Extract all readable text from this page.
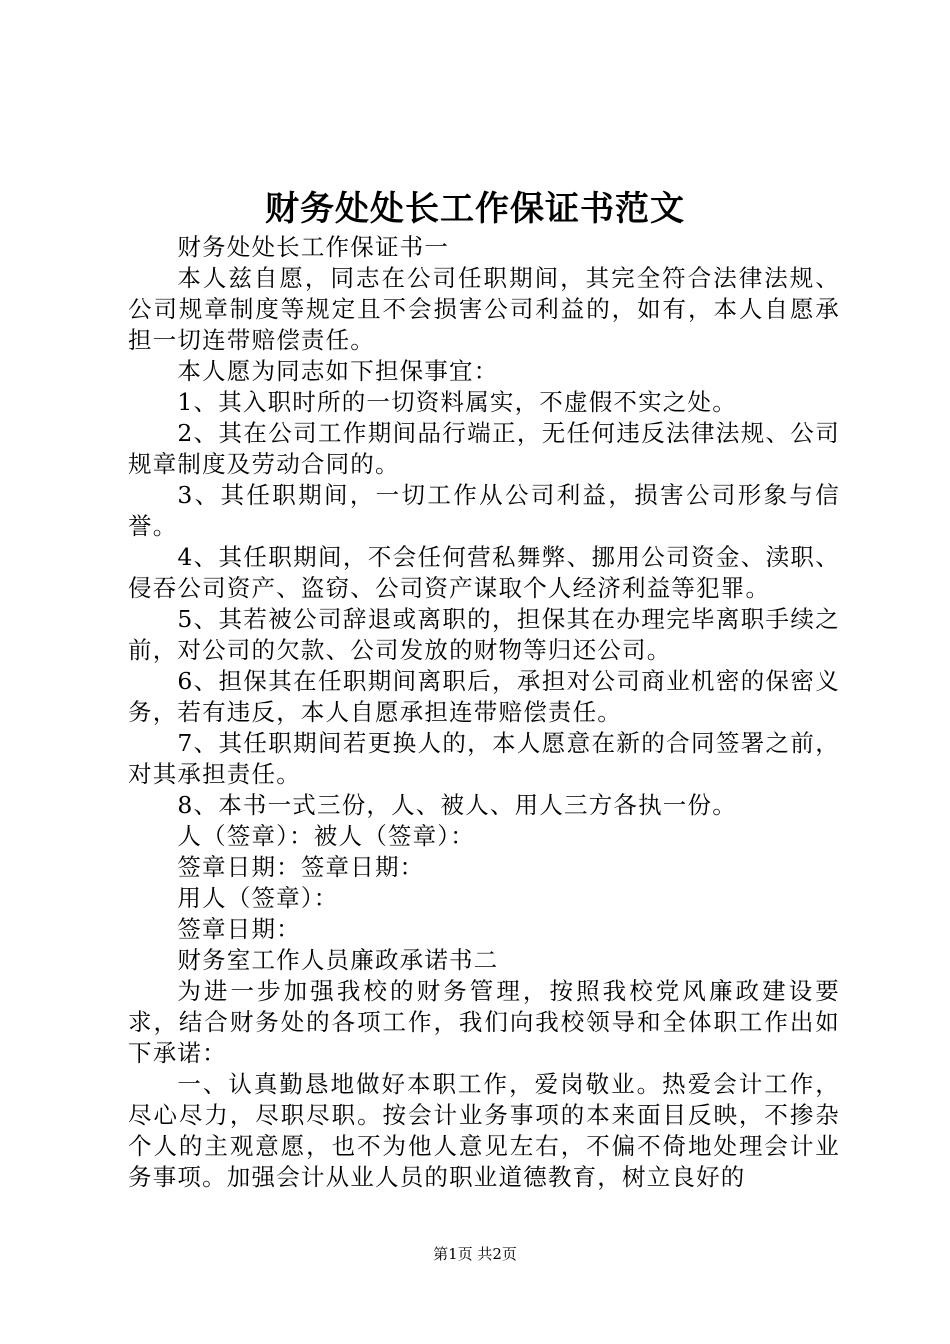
财务处处长工作保证书范文

财务处处长工作保证书一

本人兹自愿，同志在公司任职期间，其完全符合法律法规、公司规章制度等规定且不会损害公司利益的，如有，本人自愿承担一切连带赔偿责任。

本人愿为同志如下担保事宜：

1、其入职时所的一切资料属实，不虚假不实之处。

2、其在公司工作期间品行端正，无任何违反法律法规、公司规章制度及劳动合同的。

3、其任职期间，一切工作从公司利益，损害公司形象与信誉。

4、其任职期间，不会任何营私舞弊、挪用公司资金、渎职、侵吞公司资产、盗窃、公司资产谋取个人经济利益等犯罪。

5、其若被公司辞退或离职的，担保其在办理完毕离职手续之前，对公司的欠款、公司发放的财物等归还公司。

6、担保其在任职期间离职后，承担对公司商业机密的保密义务，若有违反，本人自愿承担连带赔偿责任。

7、其任职期间若更换人的，本人愿意在新的合同签署之前，对其承担责任。

8、本书一式三份，人、被人、用人三方各执一份。

人（签章）：被人（签章）：

签章日期：签章日期：

用人（签章）：

签章日期：

财务室工作人员廉政承诺书二

为进一步加强我校的财务管理，按照我校党风廉政建设要求，结合财务处的各项工作，我们向我校领导和全体职工作出如下承诺：

一、认真勤恳地做好本职工作，爱岗敬业。热爱会计工作，尽心尽力，尽职尽职。按会计业务事项的本来面目反映，不掺杂个人的主观意愿，也不为他人意见左右，不偏不倚地处理会计业务事项。加强会计从业人员的职业道德教育，树立良好的

第1页 共2页
